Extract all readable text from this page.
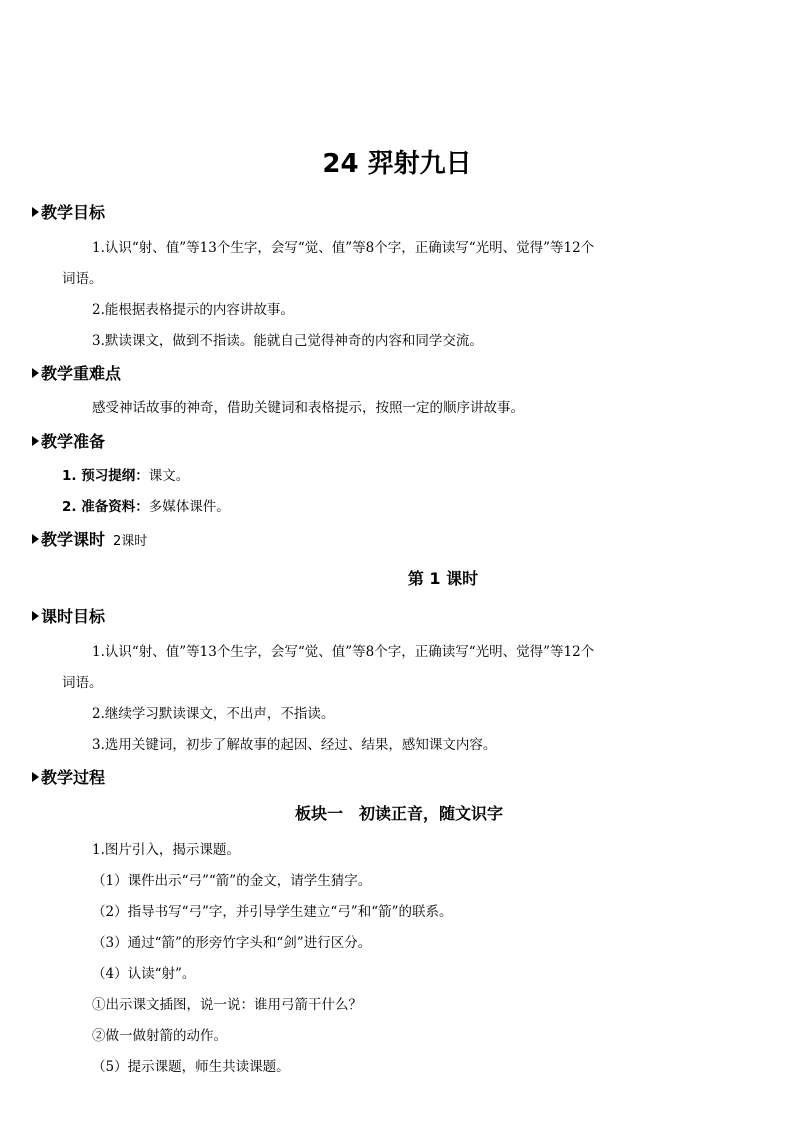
24 羿射九日
教学目标
1.认识“射、值”等13个生字，会写“觉、值”等8个字，正确读写“光明、觉得”等12个
词语。
2.能根据表格提示的内容讲故事。
3.默读课文，做到不指读。能就自己觉得神奇的内容和同学交流。
教学重难点
感受神话故事的神奇，借助关键词和表格提示，按照一定的顺序讲故事。
教学准备
1. 预习提纲：课文。
2. 准备资料：多媒体课件。
教学课时 2课时
第 1 课时
课时目标
1.认识“射、值”等13个生字，会写“觉、值”等8个字，正确读写“光明、觉得”等12个
词语。
2.继续学习默读课文，不出声，不指读。
3.选用关键词，初步了解故事的起因、经过、结果，感知课文内容。
教学过程
板块一　初读正音，随文识字
1.图片引入，揭示课题。
（1）课件出示“弓”“箭”的金文，请学生猜字。
（2）指导书写“弓”字，并引导学生建立“弓”和“箭”的联系。
（3）通过“箭”的形旁竹字头和“剑”进行区分。
（4）认读“射”。
①出示课文插图，说一说：谁用弓箭干什么？
②做一做射箭的动作。
（5）提示课题，师生共读课题。
